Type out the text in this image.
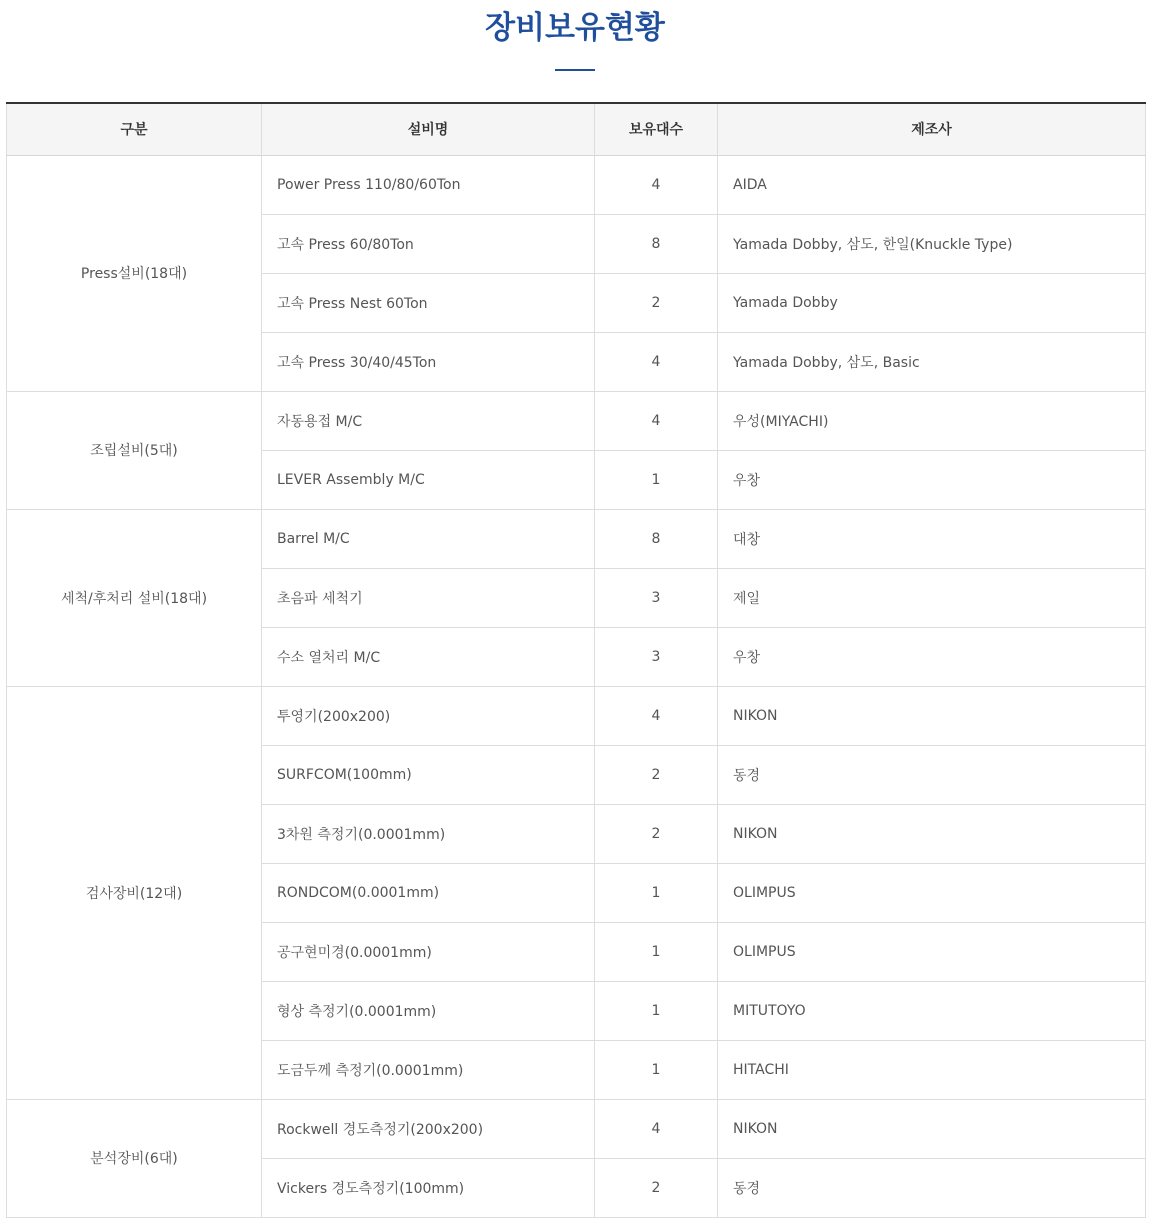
장비보유현황
구분	설비명	보유대수	제조사
Press설비(18대)	Power Press 110/80/60Ton	4	AIDA
	고속 Press 60/80Ton	8	Yamada Dobby, 삼도, 한일(Knuckle Type)
	고속 Press Nest 60Ton	2	Yamada Dobby
	고속 Press 30/40/45Ton	4	Yamada Dobby, 삼도, Basic
조립설비(5대)	자동용접 M/C	4	우성(MIYACHI)
	LEVER Assembly M/C	1	우창
세척/후처리 설비(18대)	Barrel M/C	8	대창
	초음파 세척기	3	제일
	수소 열처리 M/C	3	우창
검사장비(12대)	투영기(200x200)	4	NIKON
	SURFCOM(100mm)	2	동경
	3차원 측정기(0.0001mm)	2	NIKON
	RONDCOM(0.0001mm)	1	OLIMPUS
	공구현미경(0.0001mm)	1	OLIMPUS
	형상 측정기(0.0001mm)	1	MITUTOYO
	도금두께 측정기(0.0001mm)	1	HITACHI
분석장비(6대)	Rockwell 경도측정기(200x200)	4	NIKON
	Vickers 경도측정기(100mm)	2	동경
